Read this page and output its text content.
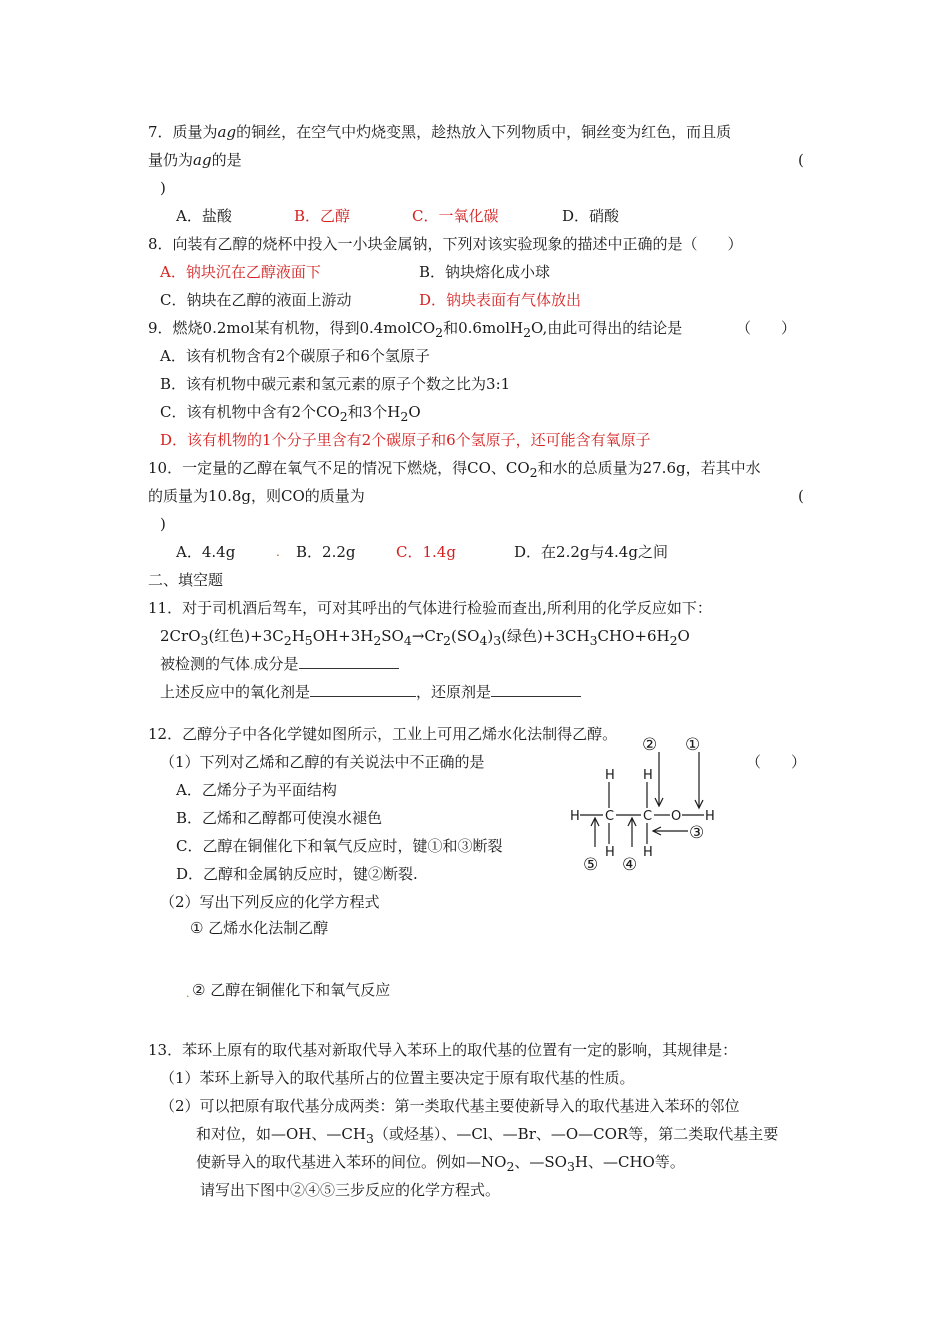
7．质量为ag的铜丝，在空气中灼烧变黑，趁热放入下列物质中，铜丝变为红色，而且质
量仍为ag的是	(
)
A．盐酸	B．乙醇	C．一氧化碳	D．硝酸
8．向装有乙醇的烧杯中投入一小块金属钠，下列对该实验现象的描述中正确的是（　　）
A．钠块沉在乙醇液面下	B．钠块熔化成小球
C．钠块在乙醇的液面上游动	D．钠块表面有气体放出
9．燃烧0.2mol某有机物，得到0.4molCO$_2$和0.6molH$_2$O,由此可得出的结论是	（　　）
A．该有机物含有2个碳原子和6个氢原子
B．该有机物中碳元素和氢元素的原子个数之比为3:1
C．该有机物中含有2个$CO_2$和3个$H_2O$
D．该有机物的1个分子里含有2个碳原子和6个氢原子，还可能含有氧原子
10．一定量的乙醇在氧气不足的情况下燃烧，得CO、$CO_2$和水的总质量为27.6g，若其中水
的质量为10.8g，则CO的质量为	(
)
A．4.4g	. B．2.2g	C．1.4g	D．在2.2g与4.4g之间
二、填空题
11．对于司机酒后驾车，可对其呼出的气体进行检验而查出,所利用的化学反应如下：
2CrO$_3$(红色)$+3C_2H_5OH+3H_2SO_4\to Cr_2(SO_4)_3$(绿色)$+3CH_3CHO+6H_2O$
被检测的气体.成分是
上述反应中的氧化剂是	，还原剂是
12．乙醇分子中各化学键如图所示，工业上可用乙烯水化法制得乙醇。
（1）下列对乙烯和乙醇的有关说法中不正确的是	（　　）
A．乙烯分子为平面结构
B．乙烯和乙醇都可使溴水褪色
C．乙醇在铜催化下和氧气反应时，键①和③断裂
D．乙醇和金属钠反应时，键②断裂.
（2）写出下列反应的化学方程式
① 乙烯水化法制乙醇
. ② 乙醇在铜催化下和氧气反应
② ①
H H
H C C O H
H H
③
⑤ ④
13．苯环上原有的取代基对新取代导入苯环上的取代基的位置有一定的影响，其规律是：
（1）苯环上新导入的取代基所占的位置主要决定于原有取代基的性质。
（2）可以把原有取代基分成两类：第一类取代基主要使新导入的取代基进入苯环的邻位
和对位，如—OH、$—CH_3$（或烃基）、—Cl、—Br、—O—COR等，第二类取代基主要
使新导入的取代基进入苯环的间位。例如$—NO_2$、$—SO_3H$、—CHO等。
请写出下图中②④⑤三步反应的化学方程式。
